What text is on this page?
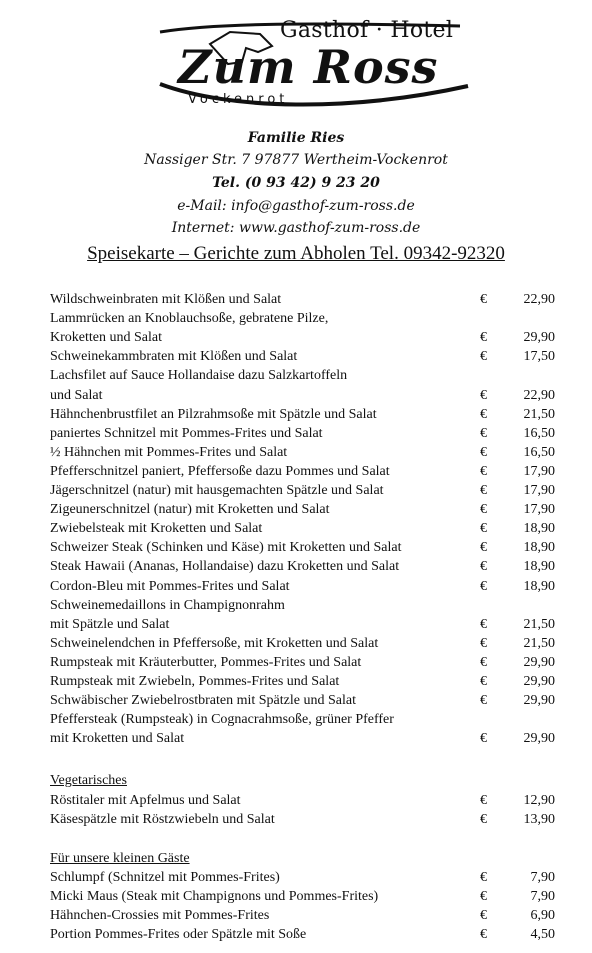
Gasthof · Hotel
Zum Ross
Vockenrot
Familie Ries
Nassiger Str. 7 97877 Wertheim-Vockenrot
Tel. (0 93 42) 9 23 20
e-Mail: info@gasthof-zum-ross.de
Internet: www.gasthof-zum-ross.de
Speisekarte – Gerichte zum Abholen Tel. 09342-92320
Wildschweinbraten mit Klößen und Salat	€	22,90
Lammrücken an Knoblauchsoße, gebratene Pilze,
Kroketten und Salat	€	29,90
Schweinekammbraten mit Klößen und Salat	€	17,50
Lachsfilet auf Sauce Hollandaise dazu Salzkartoffeln
und Salat	€	22,90
Hähnchenbrustfilet an Pilzrahmsoße mit Spätzle und Salat	€	21,50
paniertes Schnitzel mit Pommes-Frites und Salat	€	16,50
½ Hähnchen mit Pommes-Frites und Salat	€	16,50
Pfefferschnitzel paniert, Pfeffersoße dazu Pommes und Salat	€	17,90
Jägerschnitzel (natur) mit hausgemachten Spätzle und Salat	€	17,90
Zigeunerschnitzel (natur) mit Kroketten und Salat	€	17,90
Zwiebelsteak mit Kroketten und Salat	€	18,90
Schweizer Steak (Schinken und Käse) mit Kroketten und Salat	€	18,90
Steak Hawaii (Ananas, Hollandaise) dazu Kroketten und Salat	€	18,90
Cordon-Bleu mit Pommes-Frites und Salat	€	18,90
Schweinemedaillons in Champignonrahm
mit Spätzle und Salat	€	21,50
Schweinelendchen in Pfeffersoße, mit Kroketten und Salat	€	21,50
Rumpsteak mit Kräuterbutter, Pommes-Frites und Salat	€	29,90
Rumpsteak mit Zwiebeln, Pommes-Frites und Salat	€	29,90
Schwäbischer Zwiebelrostbraten mit Spätzle und Salat	€	29,90
Pfeffersteak (Rumpsteak) in Cognacrahmsoße, grüner Pfeffer
mit Kroketten und Salat	€	29,90
Vegetarisches
Röstitaler mit Apfelmus und Salat	€	12,90
Käsespätzle mit Röstzwiebeln und Salat	€	13,90
Für unsere kleinen Gäste
Schlumpf (Schnitzel mit Pommes-Frites)	€	7,90
Micki Maus (Steak mit Champignons und Pommes-Frites)	€	7,90
Hähnchen-Crossies mit Pommes-Frites	€	6,90
Portion Pommes-Frites oder Spätzle mit Soße	€	4,50
